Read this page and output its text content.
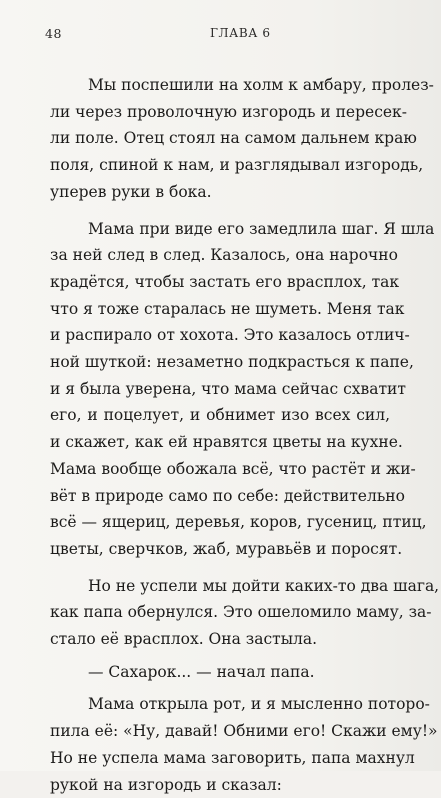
48	ГЛАВА 6

Мы поспешили на холм к амбару, пролез-
ли через проволочную изгородь и пересек-
ли поле. Отец стоял на самом дальнем краю
поля, спиной к нам, и разглядывал изгородь,
уперев руки в бока.

Мама при виде его замедлила шаг. Я шла
за ней след в след. Казалось, она нарочно
крадётся, чтобы застать его врасплох, так
что я тоже старалась не шуметь. Меня так
и распирало от хохота. Это казалось отлич-
ной шуткой: незаметно подкрасться к папе,
и я была уверена, что мама сейчас схватит
его, и поцелует, и обнимет изо всех сил,
и скажет, как ей нравятся цветы на кухне.
Мама вообще обожала всё, что растёт и жи-
вёт в природе само по себе: действительно
всё — ящериц, деревья, коров, гусениц, птиц,
цветы, сверчков, жаб, муравьёв и поросят.

Но не успели мы дойти каких-то два шага,
как папа обернулся. Это ошеломило маму, за-
стало её врасплох. Она застыла.

— Сахарок... — начал папа.

Мама открыла рот, и я мысленно поторо-
пила её: «Ну, давай! Обними его! Скажи ему!»
Но не успела мама заговорить, папа махнул
рукой на изгородь и сказал:
